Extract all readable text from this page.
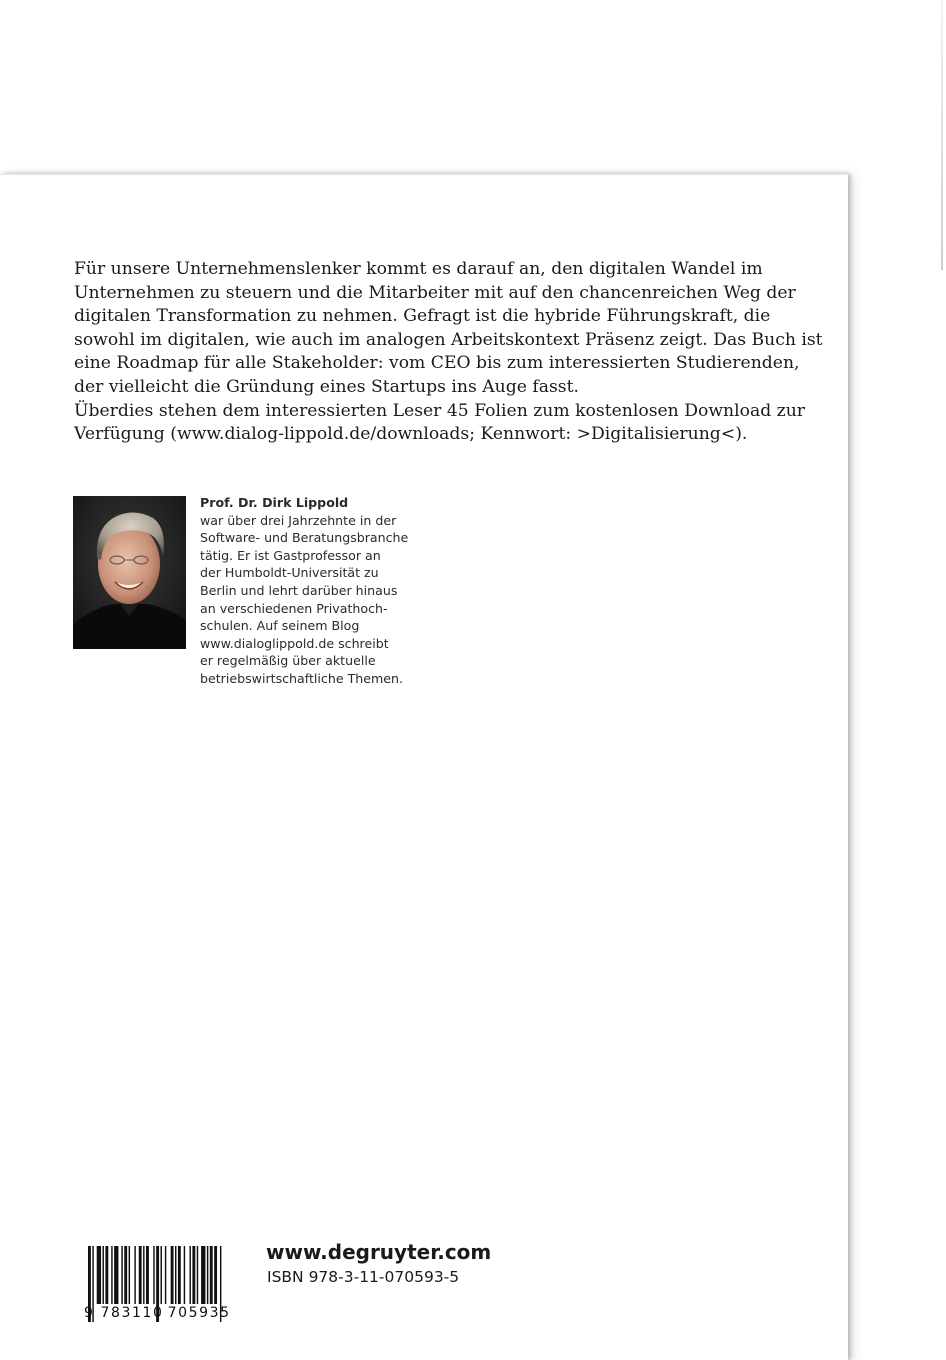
Für unsere Unternehmenslenker kommt es darauf an, den digitalen Wandel im
Unternehmen zu steuern und die Mitarbeiter mit auf den chancenreichen Weg der
digitalen Transformation zu nehmen. Gefragt ist die hybride Führungskraft, die
sowohl im digitalen, wie auch im analogen Arbeitskontext Präsenz zeigt. Das Buch ist
eine Roadmap für alle Stakeholder: vom CEO bis zum interessierten Studierenden,
der vielleicht die Gründung eines Startups ins Auge fasst.
Überdies stehen dem interessierten Leser 45 Folien zum kostenlosen Download zur
Verfügung (www.dialog-lippold.de/downloads; Kennwort: >Digitalisierung<).

Prof. Dr. Dirk Lippold
war über drei Jahrzehnte in der
Software- und Beratungsbranche
tätig. Er ist Gastprofessor an
der Humboldt-Universität zu
Berlin und lehrt darüber hinaus
an verschiedenen Privathoch-
schulen. Auf seinem Blog
www.dialoglippold.de schreibt
er regelmäßig über aktuelle
betriebswirtschaftliche Themen.
9 783110 705935
www.degruyter.com
ISBN 978-3-11-070593-5
